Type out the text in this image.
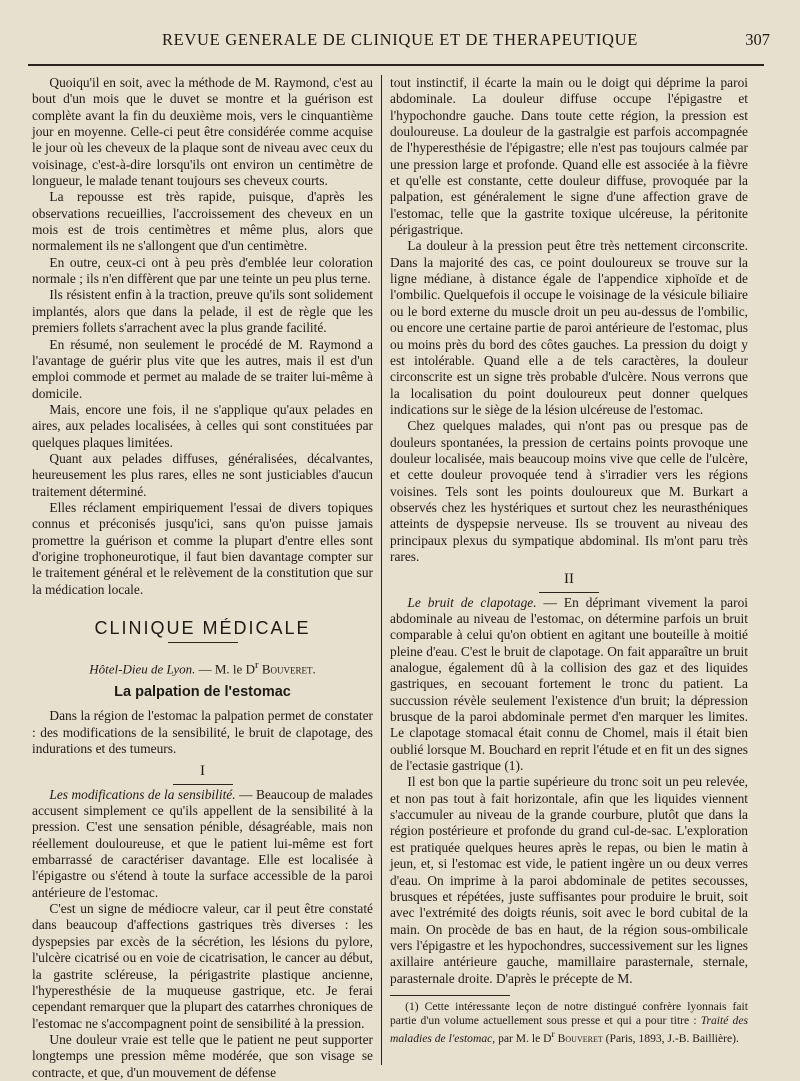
REVUE GENERALE DE CLINIQUE ET DE THERAPEUTIQUE	307

Quoiqu'il en soit, avec la méthode de M. Raymond, c'est au bout d'un mois que le duvet se montre et la guérison est complète avant la fin du deuxième mois, vers le cinquantième jour en moyenne. Celle-ci peut être considérée comme acquise le jour où les cheveux de la plaque sont de niveau avec ceux du voisinage, c'est-à-dire lorsqu'ils ont environ un centimètre de longueur, le malade tenant toujours ses cheveux courts.

La repousse est très rapide, puisque, d'après les observations recueillies, l'accroissement des cheveux en un mois est de trois centimètres et même plus, alors que normalement ils ne s'allongent que d'un centimètre.

En outre, ceux-ci ont à peu près d'emblée leur coloration normale ; ils n'en diffèrent que par une teinte un peu plus terne.

Ils résistent enfin à la traction, preuve qu'ils sont solidement implantés, alors que dans la pelade, il est de règle que les premiers follets s'arrachent avec la plus grande facilité.

En résumé, non seulement le procédé de M. Raymond a l'avantage de guérir plus vite que les autres, mais il est d'un emploi commode et permet au malade de se traiter lui-même à domicile.

Mais, encore une fois, il ne s'applique qu'aux pelades en aires, aux pelades localisées, à celles qui sont constituées par quelques plaques limitées.

Quant aux pelades diffuses, généralisées, décalvantes, heureusement les plus rares, elles ne sont justiciables d'aucun traitement déterminé.

Elles réclament empiriquement l'essai de divers topiques connus et préconisés jusqu'ici, sans qu'on puisse jamais promettre la guérison et comme la plupart d'entre elles sont d'origine trophoneurotique, il faut bien davantage compter sur le traitement général et le relèvement de la constitution que sur la médication locale.

CLINIQUE MÉDICALE
Hôtel-Dieu de Lyon. — M. le $D^r$ Bouveret.
La palpation de l'estomac

Dans la région de l'estomac la palpation permet de constater : des modifications de la sensibilité, le bruit de clapotage, des indurations et des tumeurs.

I

Les modifications de la sensibilité. — Beaucoup de malades accusent simplement ce qu'ils appellent de la sensibilité à la pression. C'est une sensation pénible, désagréable, mais non réellement douloureuse, et que le patient lui-même est fort embarrassé de caractériser davantage. Elle est localisée à l'épigastre ou s'étend à toute la surface accessible de la paroi antérieure de l'estomac.

C'est un signe de médiocre valeur, car il peut être constaté dans beaucoup d'affections gastriques très diverses : les dyspepsies par excès de la sécrétion, les lésions du pylore, l'ulcère cicatrisé ou en voie de cicatrisation, le cancer au début, la gastrite scléreuse, la périgastrite plastique ancienne, l'hyperesthésie de la muqueuse gastrique, etc. Je ferai cependant remarquer que la plupart des catarrhes chroniques de l'estomac ne s'accompagnent point de sensibilité à la pression.

Une douleur vraie est telle que le patient ne peut supporter longtemps une pression même modérée, que son visage se contracte, et que, d'un mouvement de défense

tout instinctif, il écarte la main ou le doigt qui déprime la paroi abdominale. La douleur diffuse occupe l'épigastre et l'hypochondre gauche. Dans toute cette région, la pression est douloureuse. La douleur de la gastralgie est parfois accompagnée de l'hyperesthésie de l'épigastre; elle n'est pas toujours calmée par une pression large et profonde. Quand elle est associée à la fièvre et qu'elle est constante, cette douleur diffuse, provoquée par la palpation, est généralement le signe d'une affection grave de l'estomac, telle que la gastrite toxique ulcéreuse, la péritonite périgastrique.

La douleur à la pression peut être très nettement circonscrite. Dans la majorité des cas, ce point douloureux se trouve sur la ligne médiane, à distance égale de l'appendice xiphoïde et de l'ombilic. Quelquefois il occupe le voisinage de la vésicule biliaire ou le bord externe du muscle droit un peu au-dessus de l'ombilic, ou encore une certaine partie de paroi antérieure de l'estomac, plus ou moins près du bord des côtes gauches. La pression du doigt y est intolérable. Quand elle a de tels caractères, la douleur circonscrite est un signe très probable d'ulcère. Nous verrons que la localisation du point douloureux peut donner quelques indications sur le siège de la lésion ulcéreuse de l'estomac.

Chez quelques malades, qui n'ont pas ou presque pas de douleurs spontanées, la pression de certains points provoque une douleur localisée, mais beaucoup moins vive que celle de l'ulcère, et cette douleur provoquée tend à s'irradier vers les régions voisines. Tels sont les points douloureux que M. Burkart a observés chez les hystériques et surtout chez les neurasthéniques atteints de dyspepsie nerveuse. Ils se trouvent au niveau des principaux plexus du sympatique abdominal. Ils m'ont paru très rares.

II

Le bruit de clapotage. — En déprimant vivement la paroi abdominale au niveau de l'estomac, on détermine parfois un bruit comparable à celui qu'on obtient en agitant une bouteille à moitié pleine d'eau. C'est le bruit de clapotage. On fait apparaître un bruit analogue, également dû à la collision des gaz et des liquides gastriques, en secouant fortement le tronc du patient. La succussion révèle seulement l'existence d'un bruit; la dépression brusque de la paroi abdominale permet d'en marquer les limites. Le clapotage stomacal était connu de Chomel, mais il était bien oublié lorsque M. Bouchard en reprit l'étude et en fit un des signes de l'ectasie gastrique (1).

Il est bon que la partie supérieure du tronc soit un peu relevée, et non pas tout à fait horizontale, afin que les liquides viennent s'accumuler au niveau de la grande courbure, plutôt que dans la région postérieure et profonde du grand cul-de-sac. L'exploration est pratiquée quelques heures après le repas, ou bien le matin à jeun, et, si l'estomac est vide, le patient ingère un ou deux verres d'eau. On imprime à la paroi abdominale de petites secousses, brusques et répétées, juste suffisantes pour produire le bruit, soit avec l'extrémité des doigts réunis, soit avec le bord cubital de la main. On procède de bas en haut, de la région sous-ombilicale vers l'épigastre et les hypochondres, successivement sur les lignes axillaire antérieure gauche, mamillaire parasternale, sternale, parasternale droite. D'après le précepte de M.

(1) Cette intéressante leçon de notre distingué confrère lyonnais fait partie d'un volume actuellement sous presse et qui a pour titre : Traité des maladies de l'estomac, par M. le $D^r$ Bouveret (Paris, 1893, J.-B. Baillière).
